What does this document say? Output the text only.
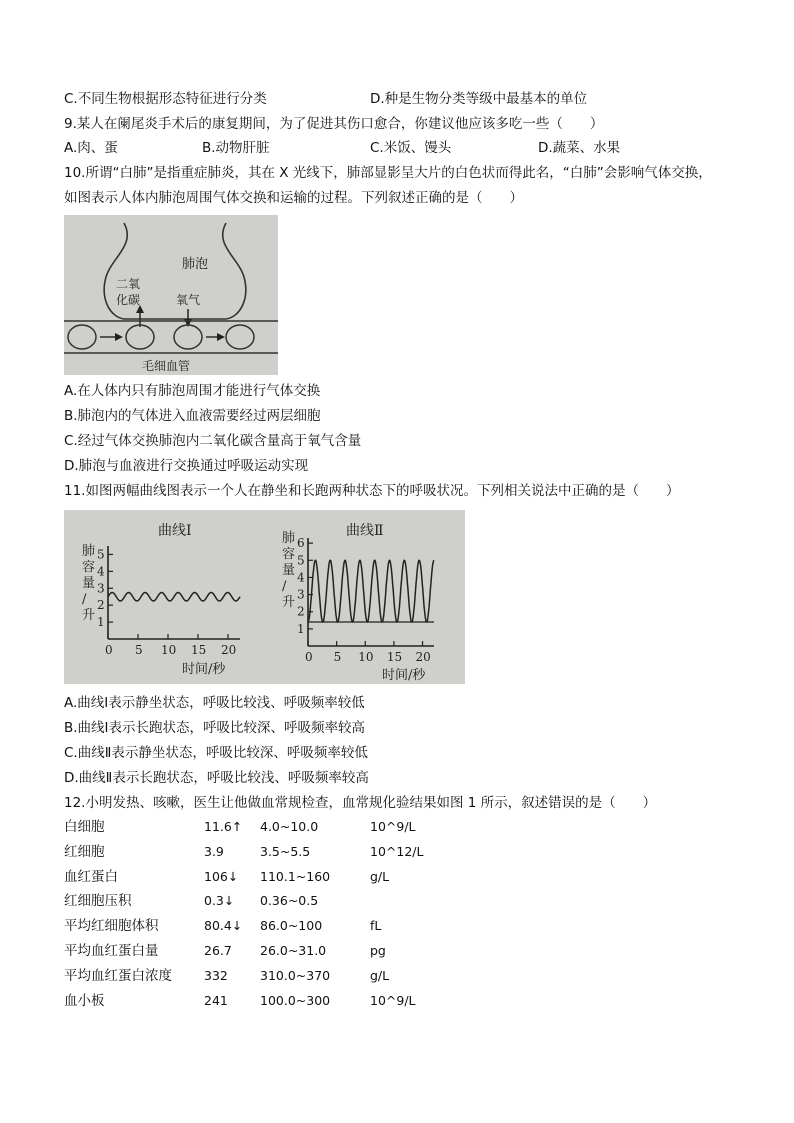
C.不同生物根据形态特征进行分类	D.种是生物分类等级中最基本的单位
9.某人在阑尾炎手术后的康复期间，为了促进其伤口愈合，你建议他应该多吃一些（　　）
A.肉、蛋	B.动物肝脏	C.米饭、馒头	D.蔬菜、水果
10.所谓“白肺”是指重症肺炎，其在 X 光线下，肺部显影呈大片的白色状而得此名，“白肺”会影响气体交换，
如图表示人体内肺泡周围气体交换和运输的过程。下列叙述正确的是（　　）
肺泡
二氧
化碳	氧气
毛细血管
A.在人体内只有肺泡周围才能进行气体交换
B.肺泡内的气体进入血液需要经过两层细胞
C.经过气体交换肺泡内二氧化碳含量高于氧气含量
D.肺泡与血液进行交换通过呼吸运动实现
11.如图两幅曲线图表示一个人在静坐和长跑两种状态下的呼吸状况。下列相关说法中正确的是（　　）
曲线Ⅰ
肺容量/升
时间/秒
1
2
3
4
5
0 5 10 15 20
曲线Ⅱ
肺容量/升
时间/秒
1
2
3
4
5
6
0 5 10 15 20
A.曲线Ⅰ表示静坐状态，呼吸比较浅、呼吸频率较低
B.曲线Ⅰ表示长跑状态，呼吸比较深、呼吸频率较高
C.曲线Ⅱ表示静坐状态，呼吸比较深、呼吸频率较低
D.曲线Ⅱ表示长跑状态，呼吸比较浅、呼吸频率较高
12.小明发热、咳嗽，医生让他做血常规检查，血常规化验结果如图 1 所示，叙述错误的是（　　）
白细胞	11.6↑ 4.0~10.0	10^9/L
红细胞	3.9	3.5~5.5	10^12/L
血红蛋白	106↓ 110.1~160	g/L
红细胞压积	0.3↓ 0.36~0.5
平均红细胞体积	80.4↓ 86.0~100	fL
平均血红蛋白量	26.7 26.0~31.0	pg
平均血红蛋白浓度	332	310.0~370	g/L
血小板	241	100.0~300	10^9/L
